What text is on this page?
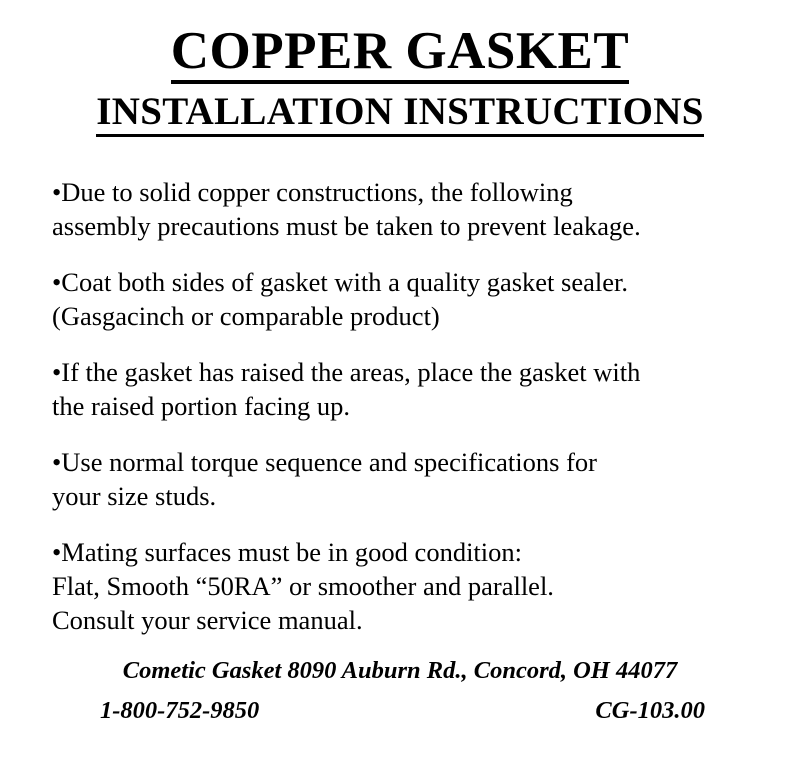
COPPER GASKET
INSTALLATION INSTRUCTIONS

•Due to solid copper constructions, the following
assembly precautions must be taken to prevent leakage.

•Coat both sides of gasket with a quality gasket sealer.
(Gasgacinch or comparable product)

•If the gasket has raised the areas, place the gasket with
the raised portion facing up.

•Use normal torque sequence and specifications for
your size studs.

•Mating surfaces must be in good condition:
Flat, Smooth “50RA” or smoother and parallel.
Consult your service manual.

Cometic Gasket 8090 Auburn Rd., Concord, OH 44077
1-800-752-9850	CG-103.00
